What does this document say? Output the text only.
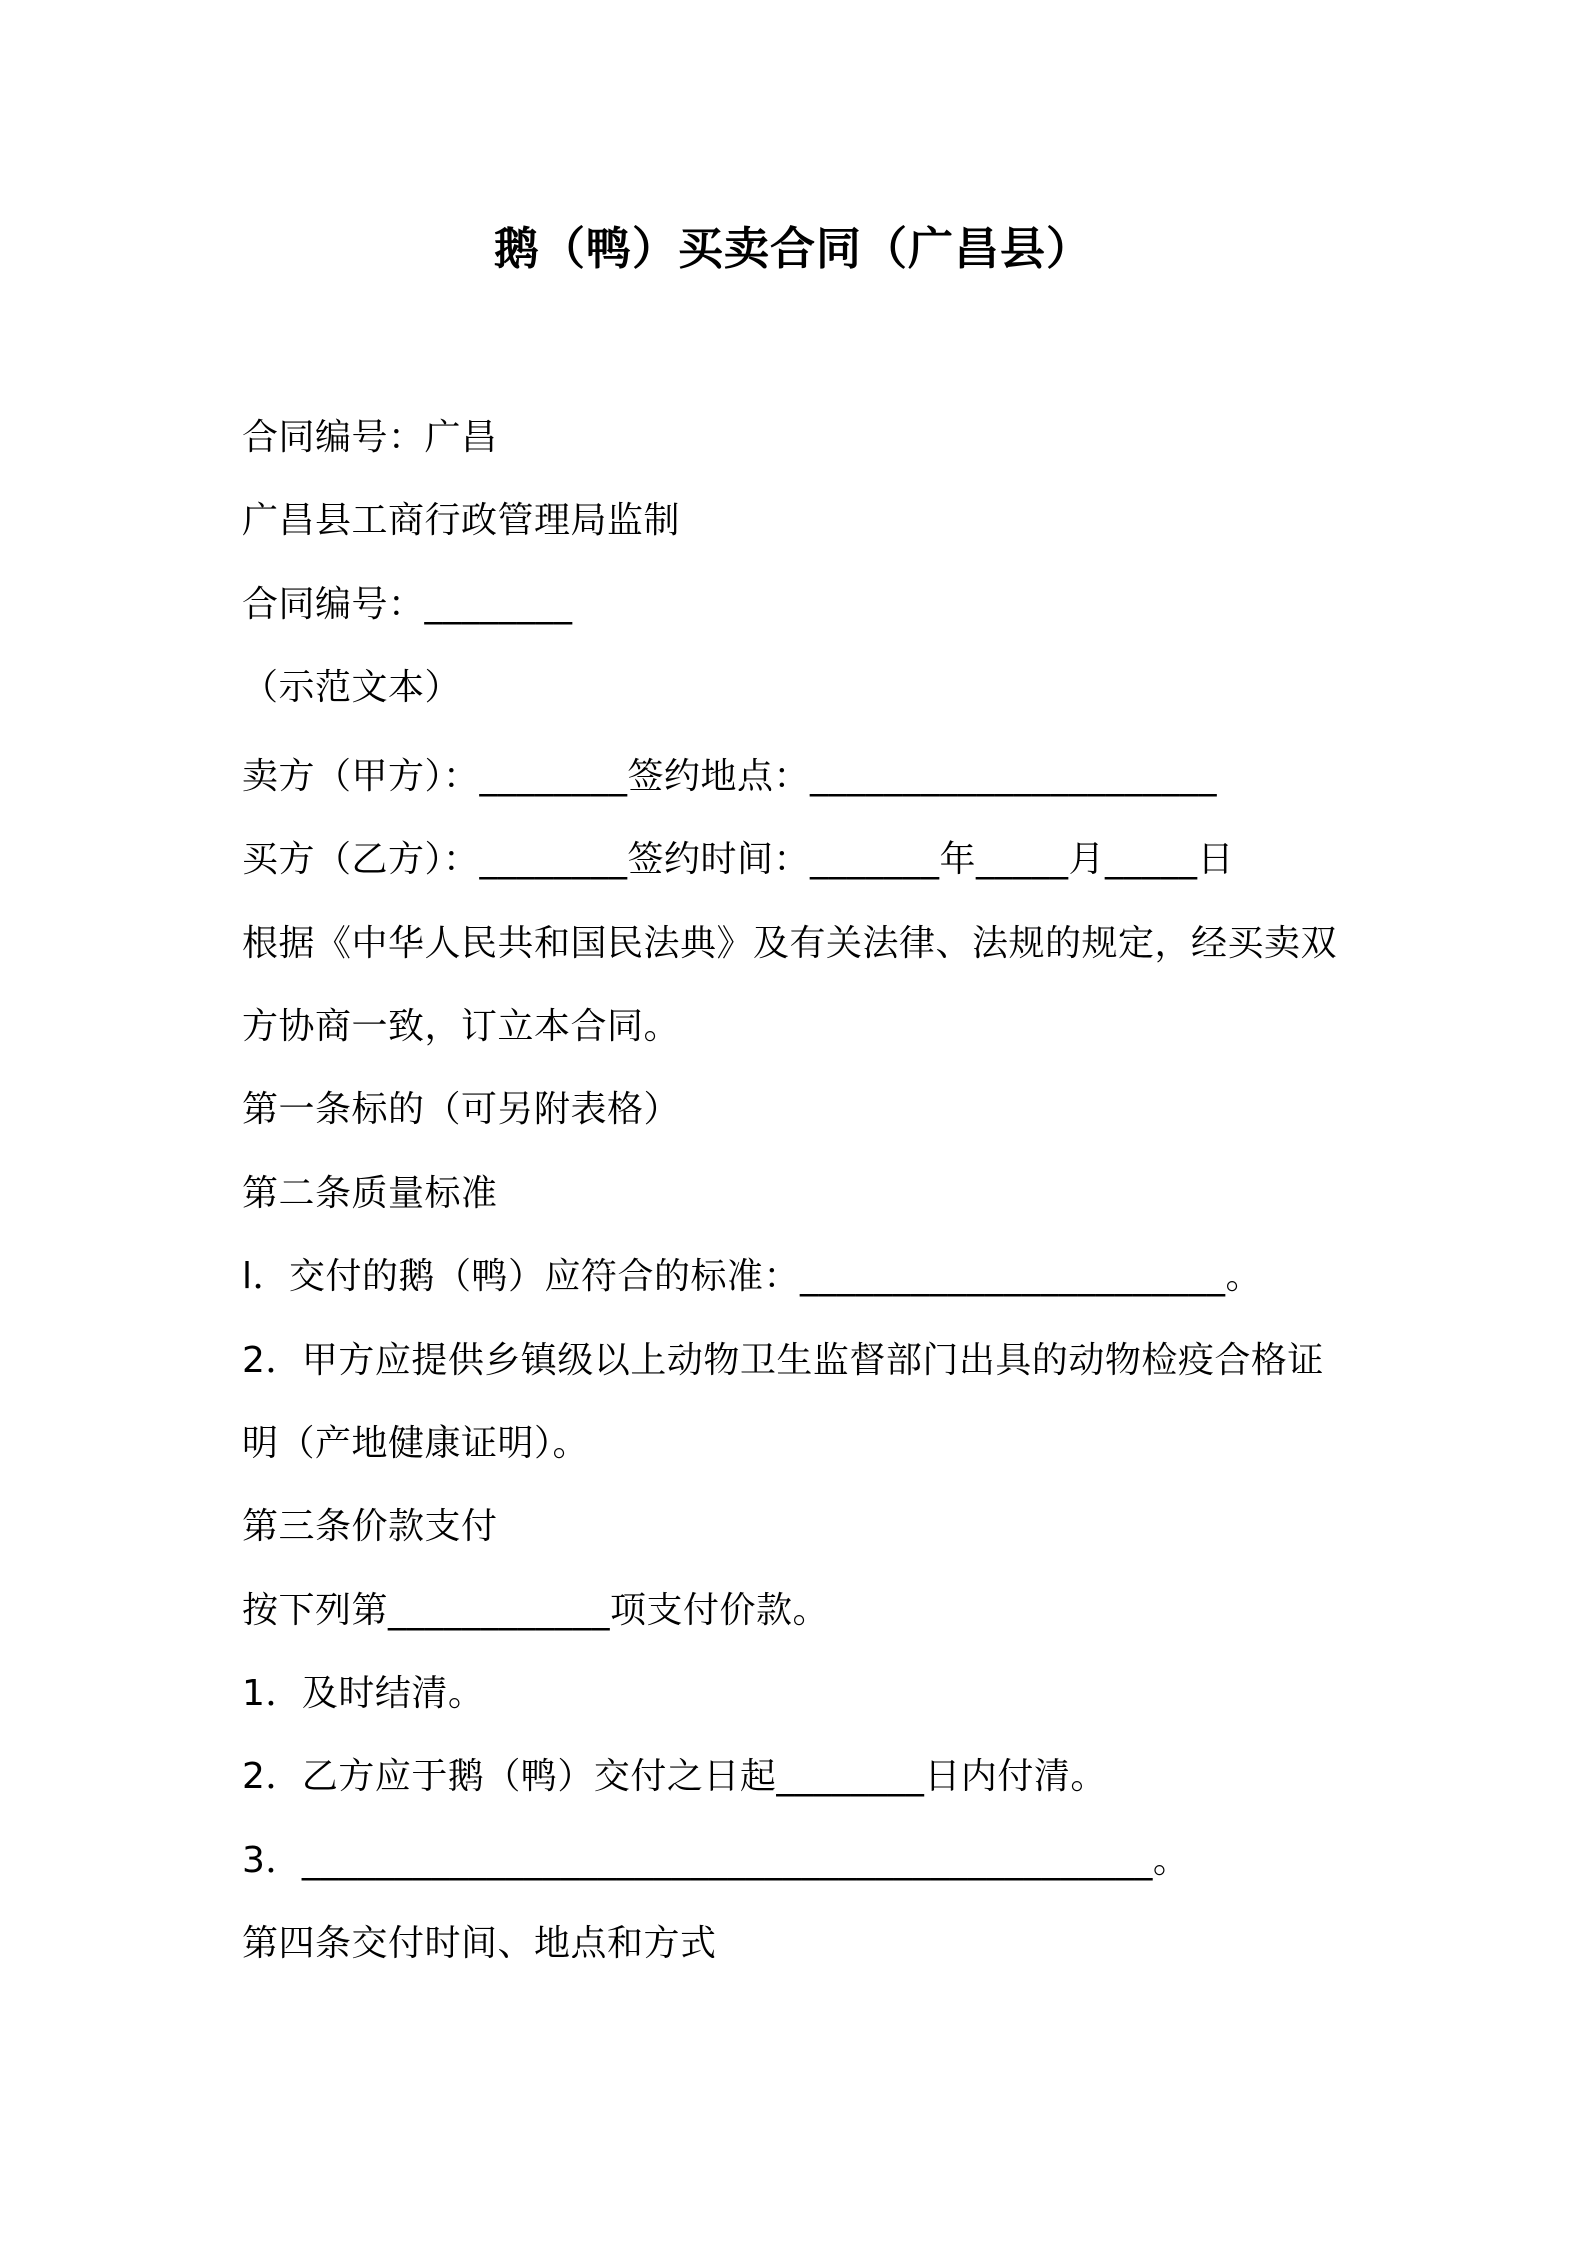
鹅（鸭）买卖合同（广昌县）
合同编号：广昌
广昌县工商行政管理局监制
合同编号：________
（示范文本）
卖方（甲方）：________签约地点：______________________
买方（乙方）：________签约时间：_______年_____月_____日
根据《中华人民共和国民法典》及有关法律、法规的规定，经买卖双
方协商一致，订立本合同。
第一条标的（可另附表格）
第二条质量标准
l．交付的鹅（鸭）应符合的标准：_______________________。
2．甲方应提供乡镇级以上动物卫生监督部门出具的动物检疫合格证
明（产地健康证明）。
第三条价款支付
按下列第____________项支付价款。
1．及时结清。
2．乙方应于鹅（鸭）交付之日起________日内付清。
3．______________________________________________。
第四条交付时间、地点和方式
